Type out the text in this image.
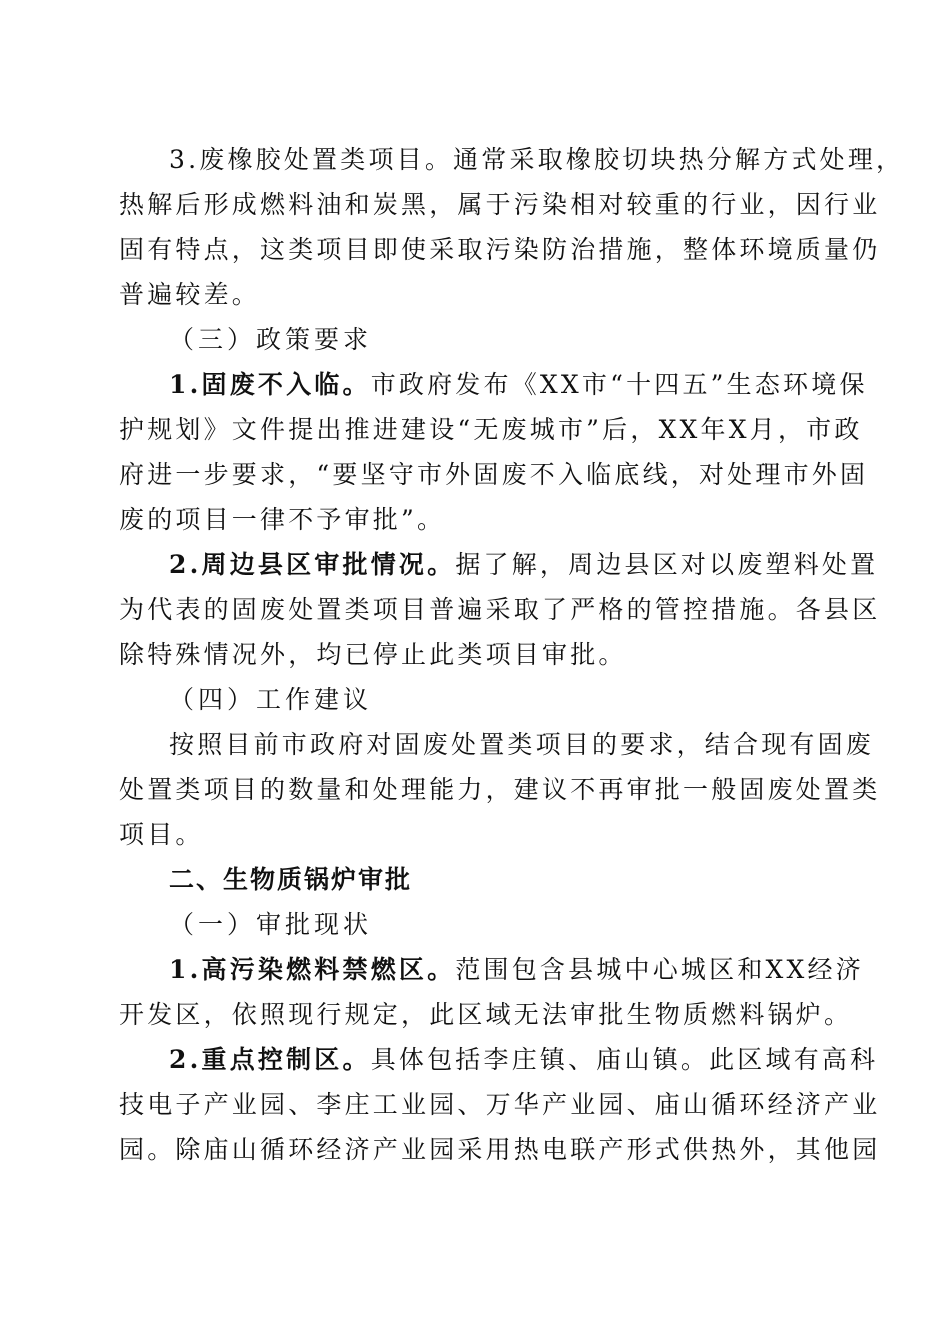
3.废橡胶处置类项目。通常采取橡胶切块热分解方式处理，
热解后形成燃料油和炭黑，属于污染相对较重的行业，因行业
固有特点，这类项目即使采取污染防治措施，整体环境质量仍
普遍较差。
（三）政策要求
1.固废不入临。市政府发布《XX市“十四五”生态环境保
护规划》文件提出推进建设“无废城市”后，XX年X月，市政
府进一步要求，“要坚守市外固废不入临底线，对处理市外固
废的项目一律不予审批”。
2.周边县区审批情况。据了解，周边县区对以废塑料处置
为代表的固废处置类项目普遍采取了严格的管控措施。各县区
除特殊情况外，均已停止此类项目审批。
（四）工作建议
按照目前市政府对固废处置类项目的要求，结合现有固废
处置类项目的数量和处理能力，建议不再审批一般固废处置类
项目。
二、生物质锅炉审批
（一）审批现状
1.高污染燃料禁燃区。范围包含县城中心城区和XX经济
开发区，依照现行规定，此区域无法审批生物质燃料锅炉。
2.重点控制区。具体包括李庄镇、庙山镇。此区域有高科
技电子产业园、李庄工业园、万华产业园、庙山循环经济产业
园。除庙山循环经济产业园采用热电联产形式供热外，其他园
